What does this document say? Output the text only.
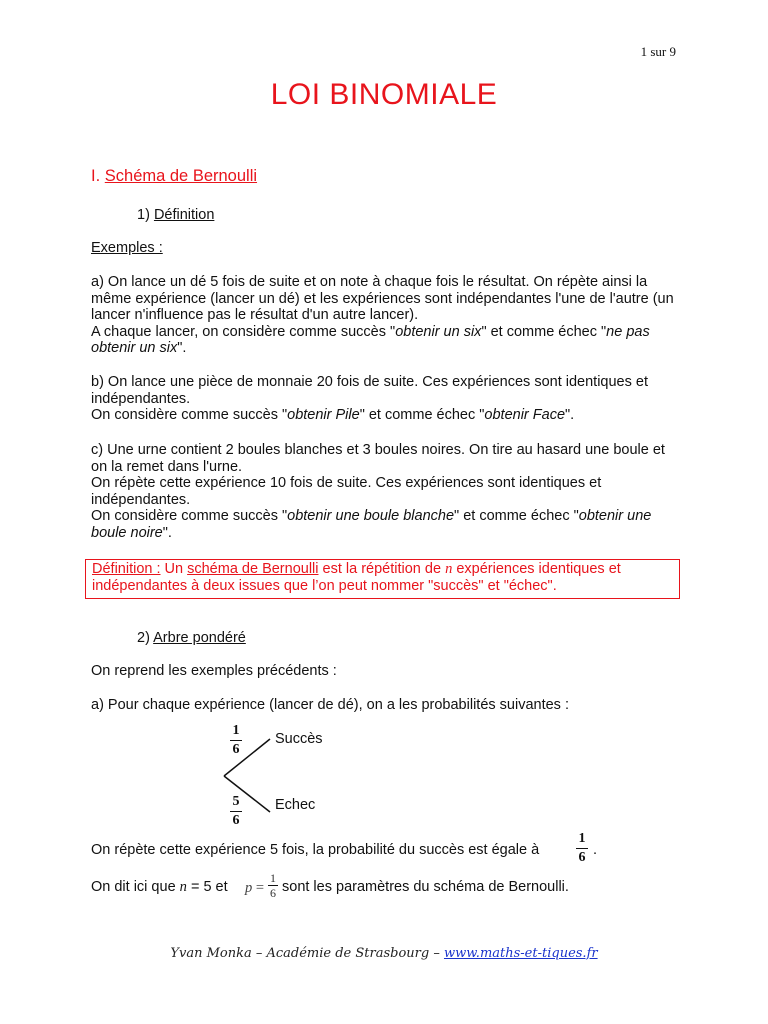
1 sur 9
LOI BINOMIALE
I. Schéma de Bernoulli
1) Définition
Exemples :

a) On lance un dé 5 fois de suite et on note à chaque fois le résultat. On répète ainsi la même expérience (lancer un dé) et les expériences sont indépendantes l'une de l'autre (un lancer n'influence pas le résultat d'un autre lancer).

A chaque lancer, on considère comme succès "obtenir un six" et comme échec "ne pas obtenir un six".

b) On lance une pièce de monnaie 20 fois de suite. Ces expériences sont identiques et indépendantes.

On considère comme succès "obtenir Pile" et comme échec "obtenir Face".

c) Une urne contient 2 boules blanches et 3 boules noires. On tire au hasard une boule et on la remet dans l'urne.

On répète cette expérience 10 fois de suite. Ces expériences sont identiques et indépendantes.

On considère comme succès "obtenir une boule blanche" et comme échec "obtenir une boule noire".

Définition : Un schéma de Bernoulli est la répétition de n expériences identiques et indépendantes à deux issues que l’on peut nommer "succès" et "échec".
2) Arbre pondéré
On reprend les exemples précédents :
a) Pour chaque expérience (lancer de dé), on a les probabilités suivantes :
1
6
Succès
5
6
Echec
On répète cette expérience 5 fois, la probabilité du succès est égale à
1
6 .
On dit ici que n = 5 et p =
1
6 sont les paramètres du schéma de Bernoulli.
Yvan Monka – Académie de Strasbourg – www.maths-et-tiques.fr
